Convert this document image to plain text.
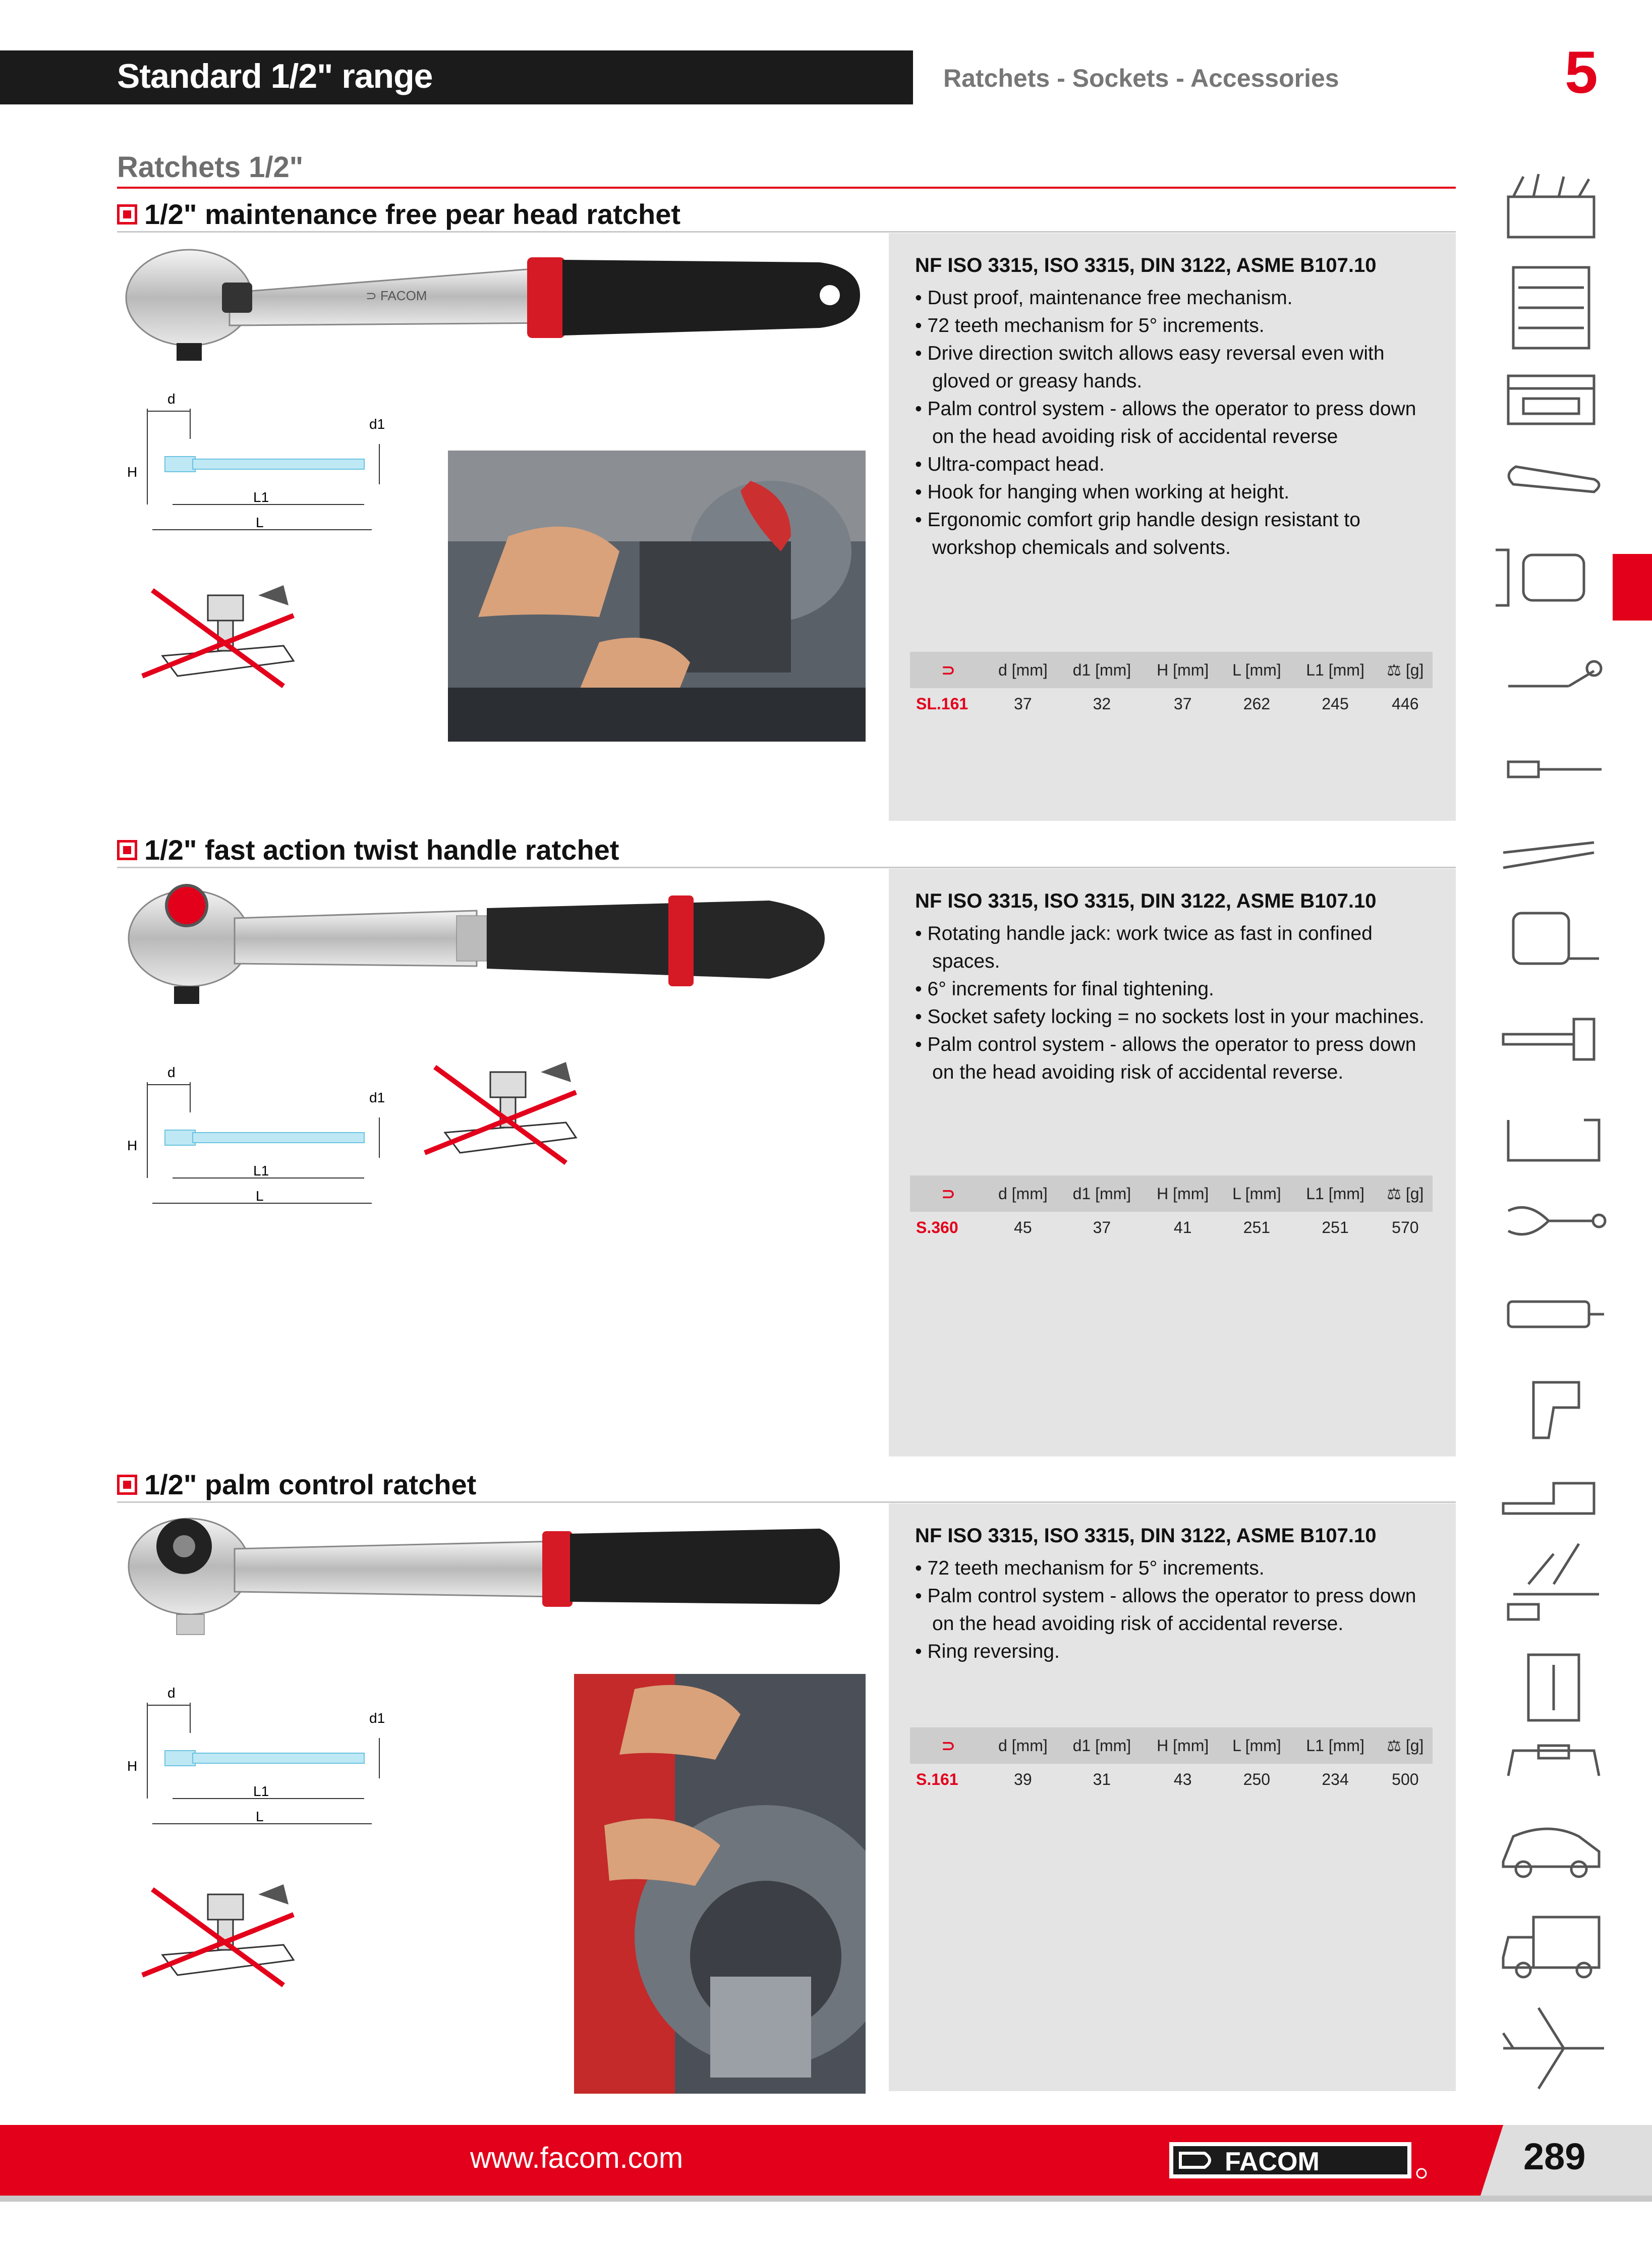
Standard 1/2" range	Ratchets - Sockets - Accessories	5
Ratchets 1/2"
1/2" maintenance free pear head ratchet
⊃ FACOM
d
d1
H
L1
L

NF ISO 3315, ISO 3315, DIN 3122, ASME B107.10

• Dust proof, maintenance free mechanism.
• 72 teeth mechanism for 5° increments.
• Drive direction switch allows easy reversal even with gloved or greasy hands.
• Palm control system - allows the operator to press down on the head avoiding risk of accidental reverse
• Ultra-compact head.
• Hook for hanging when working at height.
• Ergonomic comfort grip handle design resistant to workshop chemicals and solvents.
⊃	d [mm]	d1 [mm]	H [mm]	L [mm]	L1 [mm]	⚖ [g]
SL.161	37	32	37	262	245	446
1/2" fast action twist handle ratchet
d
d1
H
L1
L

NF ISO 3315, ISO 3315, DIN 3122, ASME B107.10

• Rotating handle jack: work twice as fast in confined spaces.
• 6° increments for final tightening.
• Socket safety locking = no sockets lost in your machines.
• Palm control system - allows the operator to press down on the head avoiding risk of accidental reverse.
⊃	d [mm]	d1 [mm]	H [mm]	L [mm]	L1 [mm]	⚖ [g]
S.360	45	37	41	251	251	570
1/2" palm control ratchet
d
d1
H
L1
L

NF ISO 3315, ISO 3315, DIN 3122, ASME B107.10

• 72 teeth mechanism for 5° increments.
• Palm control system - allows the operator to press down on the head avoiding risk of accidental reverse.
• Ring reversing.
⊃	d [mm]	d1 [mm]	H [mm]	L [mm]	L1 [mm]	⚖ [g]
S.161	39	31	43	250	234	500
www.facom.com	FACOM	289
